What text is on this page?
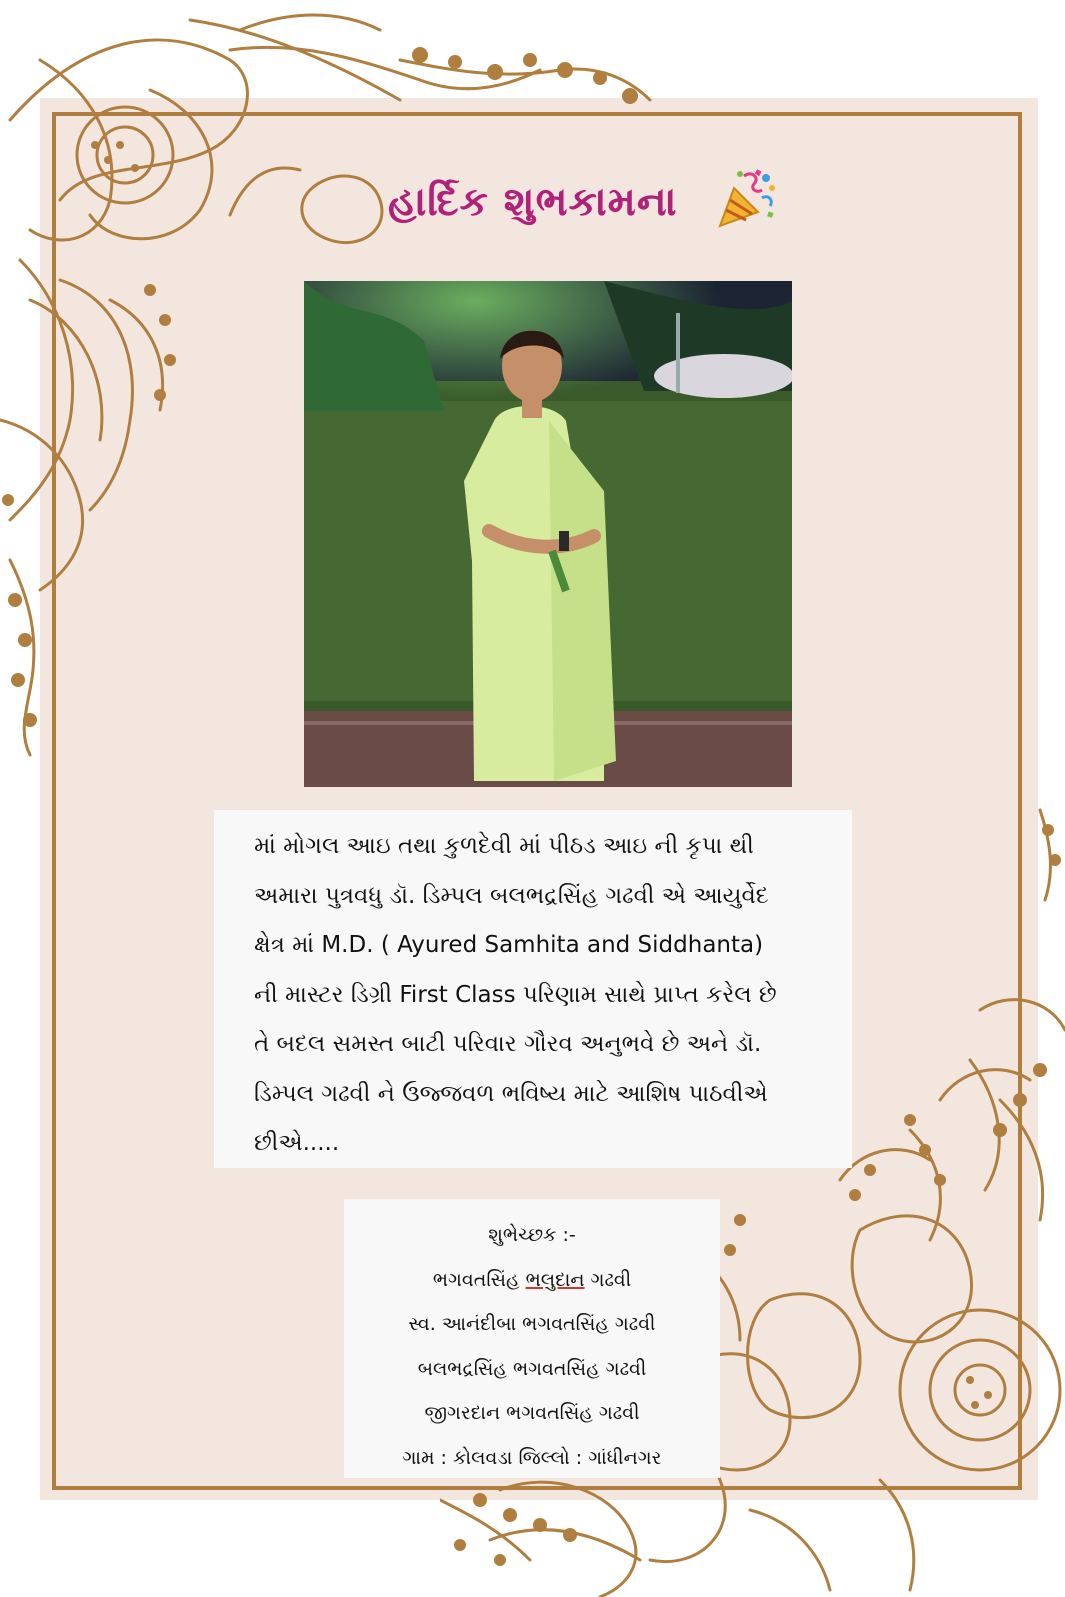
હાર્દિક શુભકામના

માં મોગલ આઇ તથા કુળદેવી માં પીઠડ આઇ ની કૃપા થી

અમારા પુત્રવધુ ડૉ. ડિમ્પલ બલભદ્રસિંહ ગઢવી એ આયુર્વેદ

ક્ષેત્ર માં M.D. ( Ayured Samhita and Siddhanta)

ની માસ્ટર ડિગ્રી First Class પરિણામ સાથે પ્રાપ્ત કરેલ છે

તે બદલ સમસ્ત બાટી પરિવાર ગૌરવ અનુભવે છે અને ડૉ.

ડિમ્પલ ગઢવી ને ઉજ્જવળ ભવિષ્ય માટે આશિષ પાઠવીએ

છીએ.....

શુભેચ્છક :-

ભગવતસિંહ ભલુદાન ગઢવી

સ્વ. આનંદીબા ભગવતસિંહ ગઢવી

બલભદ્રસિંહ ભગવતસિંહ ગઢવી

જીગરદાન ભગવતસિંહ ગઢવી

ગામ : કોલવડા જિલ્લો : ગાંધીનગર
